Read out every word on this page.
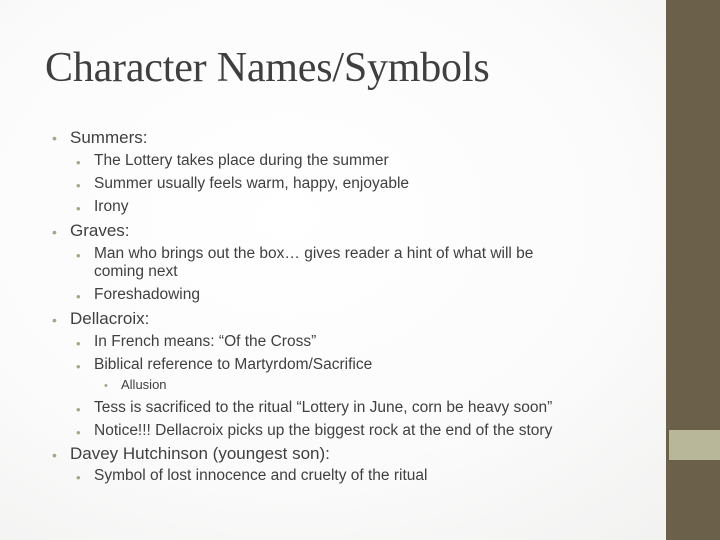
Character Names/Symbols
• Summers:
• The Lottery takes place during the summer
• Summer usually feels warm, happy, enjoyable
• Irony
• Graves:
• Man who brings out the box… gives reader a hint of what will be
coming next
• Foreshadowing
• Dellacroix:
• In French means: “Of the Cross”
• Biblical reference to Martyrdom/Sacrifice
• Allusion
• Tess is sacrificed to the ritual “Lottery in June, corn be heavy soon”
• Notice!!! Dellacroix picks up the biggest rock at the end of the story
• Davey Hutchinson (youngest son):
• Symbol of lost innocence and cruelty of the ritual
